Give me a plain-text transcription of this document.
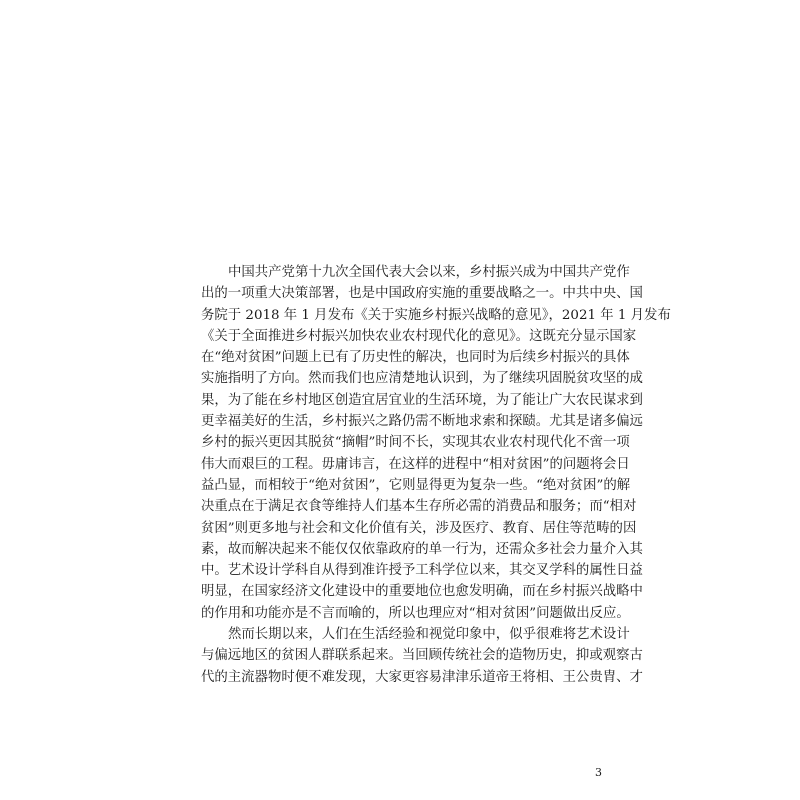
中国共产党第十九次全国代表大会以来，乡村振兴成为中国共产党作
出的一项重大决策部署，也是中国政府实施的重要战略之一。中共中央、国
务院于 2018 年 1 月发布《关于实施乡村振兴战略的意见》，2021 年 1 月发布
《关于全面推进乡村振兴加快农业农村现代化的意见》。这既充分显示国家
在“绝对贫困”问题上已有了历史性的解决，也同时为后续乡村振兴的具体
实施指明了方向。然而我们也应清楚地认识到，为了继续巩固脱贫攻坚的成
果，为了能在乡村地区创造宜居宜业的生活环境，为了能让广大农民谋求到
更幸福美好的生活，乡村振兴之路仍需不断地求索和探赜。尤其是诸多偏远
乡村的振兴更因其脱贫“摘帽”时间不长，实现其农业农村现代化不啻一项
伟大而艰巨的工程。毋庸讳言，在这样的进程中“相对贫困”的问题将会日
益凸显，而相较于“绝对贫困”，它则显得更为复杂一些。“绝对贫困”的解
决重点在于满足衣食等维持人们基本生存所必需的消费品和服务；而“相对
贫困”则更多地与社会和文化价值有关，涉及医疗、教育、居住等范畴的因
素，故而解决起来不能仅仅依靠政府的单一行为，还需众多社会力量介入其
中。艺术设计学科自从得到准许授予工科学位以来，其交叉学科的属性日益
明显，在国家经济文化建设中的重要地位也愈发明确，而在乡村振兴战略中
的作用和功能亦是不言而喻的，所以也理应对“相对贫困”问题做出反应。
然而长期以来，人们在生活经验和视觉印象中，似乎很难将艺术设计
与偏远地区的贫困人群联系起来。当回顾传统社会的造物历史，抑或观察古
代的主流器物时便不难发现，大家更容易津津乐道帝王将相、王公贵胄、才
3
